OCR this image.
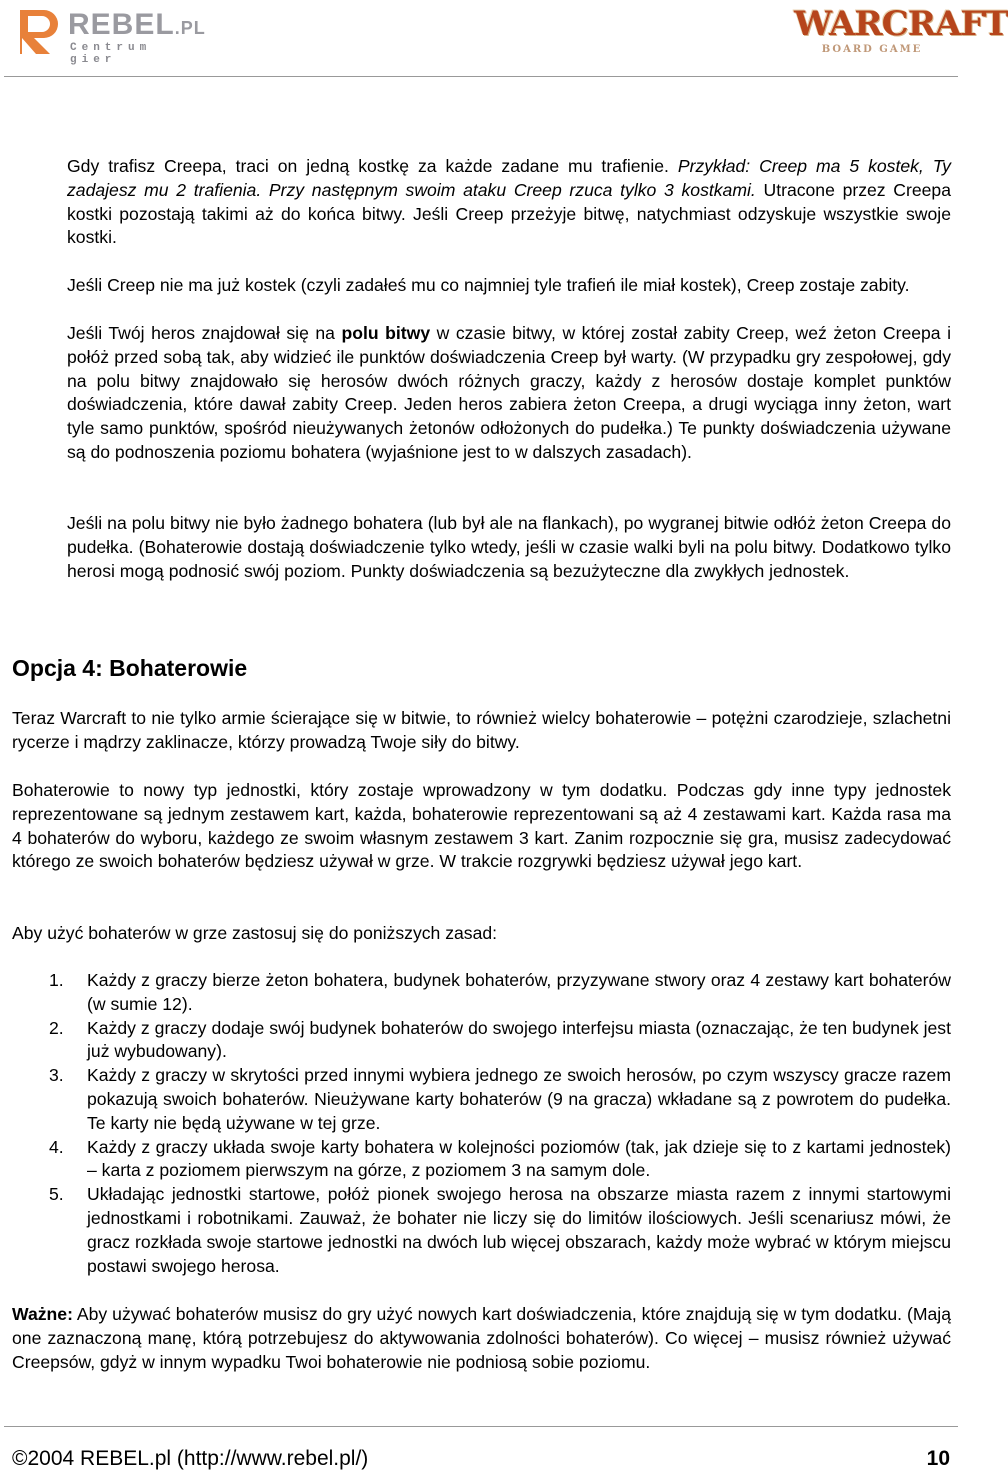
REBEL.PL
Centrum gier
WARCRAFT
BOARD GAME

Gdy trafisz Creepa, traci on jedną kostkę za każde zadane mu trafienie. Przykład: Creep ma 5 kostek, Ty zadajesz mu 2 trafienia. Przy następnym swoim ataku Creep rzuca tylko 3 kostkami. Utracone przez Creepa kostki pozostają takimi aż do końca bitwy. Jeśli Creep przeżyje bitwę, natychmiast odzyskuje wszystkie swoje kostki.

Jeśli Creep nie ma już kostek (czyli zadałeś mu co najmniej tyle trafień ile miał kostek), Creep zostaje zabity.

Jeśli Twój heros znajdował się na polu bitwy w czasie bitwy, w której został zabity Creep, weź żeton Creepa i połóż przed sobą tak, aby widzieć ile punktów doświadczenia Creep był warty. (W przypadku gry zespołowej, gdy na polu bitwy znajdowało się herosów dwóch różnych graczy, każdy z herosów dostaje komplet punktów doświadczenia, które dawał zabity Creep. Jeden heros zabiera żeton Creepa, a drugi wyciąga inny żeton, wart tyle samo punktów, spośród nieużywanych żetonów odłożonych do pudełka.) Te punkty doświadczenia używane są do podnoszenia poziomu bohatera (wyjaśnione jest to w dalszych zasadach).

Jeśli na polu bitwy nie było żadnego bohatera (lub był ale na flankach), po wygranej bitwie odłóż żeton Creepa do pudełka. (Bohaterowie dostają doświadczenie tylko wtedy, jeśli w czasie walki byli na polu bitwy. Dodatkowo tylko herosi mogą podnosić swój poziom. Punkty doświadczenia są bezużyteczne dla zwykłych jednostek.

Opcja 4: Bohaterowie

Teraz Warcraft to nie tylko armie ścierające się w bitwie, to również wielcy bohaterowie – potężni czarodzieje, szlachetni rycerze i mądrzy zaklinacze, którzy prowadzą Twoje siły do bitwy.

Bohaterowie to nowy typ jednostki, który zostaje wprowadzony w tym dodatku. Podczas gdy inne typy jednostek reprezentowane są jednym zestawem kart, każda, bohaterowie reprezentowani są aż 4 zestawami kart. Każda rasa ma 4 bohaterów do wyboru, każdego ze swoim własnym zestawem 3 kart. Zanim rozpocznie się gra, musisz zadecydować którego ze swoich bohaterów będziesz używał w grze. W trakcie rozgrywki będziesz używał jego kart.

Aby użyć bohaterów w grze zastosuj się do poniższych zasad:

1. Każdy z graczy bierze żeton bohatera, budynek bohaterów, przyzywane stwory oraz 4 zestawy kart bohaterów (w sumie 12).
2. Każdy z graczy dodaje swój budynek bohaterów do swojego interfejsu miasta (oznaczając, że ten budynek jest już wybudowany).
3. Każdy z graczy w skrytości przed innymi wybiera jednego ze swoich herosów, po czym wszyscy gracze razem pokazują swoich bohaterów. Nieużywane karty bohaterów (9 na gracza) wkładane są z powrotem do pudełka. Te karty nie będą używane w tej grze.
4. Każdy z graczy układa swoje karty bohatera w kolejności poziomów (tak, jak dzieje się to z kartami jednostek) – karta z poziomem pierwszym na górze, z poziomem 3 na samym dole.
5. Układając jednostki startowe, połóż pionek swojego herosa na obszarze miasta razem z innymi startowymi jednostkami i robotnikami. Zauważ, że bohater nie liczy się do limitów ilościowych. Jeśli scenariusz mówi, że gracz rozkłada swoje startowe jednostki na dwóch lub więcej obszarach, każdy może wybrać w którym miejscu postawi swojego herosa.

Ważne: Aby używać bohaterów musisz do gry użyć nowych kart doświadczenia, które znajdują się w tym dodatku. (Mają one zaznaczoną manę, którą potrzebujesz do aktywowania zdolności bohaterów). Co więcej – musisz również używać Creepsów, gdyż w innym wypadku Twoi bohaterowie nie podniosą sobie poziomu.

©2004 REBEL.pl (http://www.rebel.pl/)	10
